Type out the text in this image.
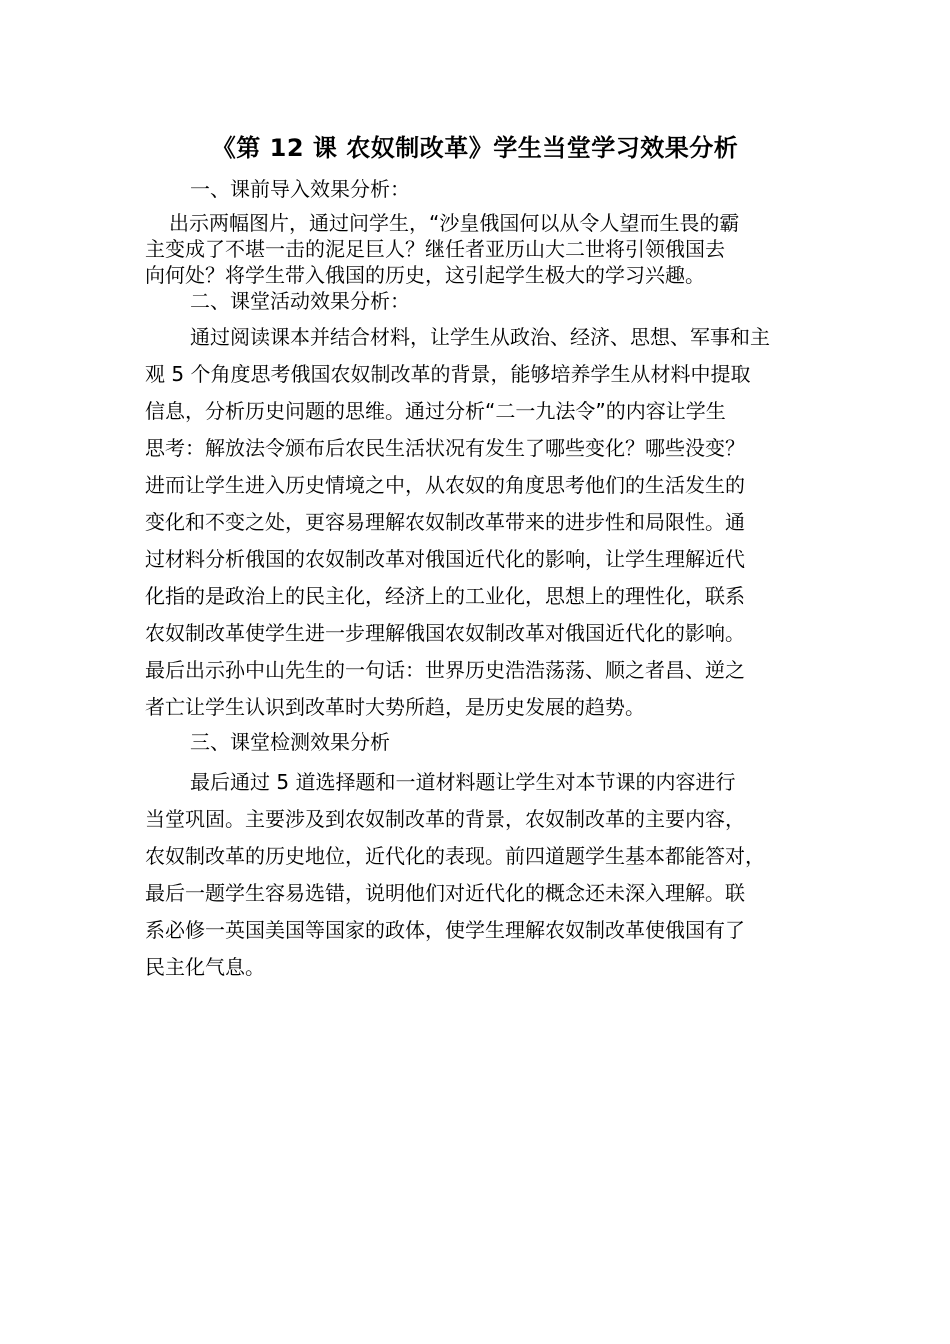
《第 12 课 农奴制改革》学生当堂学习效果分析
一、课前导入效果分析：
出示两幅图片，通过问学生，“沙皇俄国何以从令人望而生畏的霸
主变成了不堪一击的泥足巨人？继任者亚历山大二世将引领俄国去
向何处？将学生带入俄国的历史，这引起学生极大的学习兴趣。
二、课堂活动效果分析：
通过阅读课本并结合材料，让学生从政治、经济、思想、军事和主
观 5 个角度思考俄国农奴制改革的背景，能够培养学生从材料中提取
信息，分析历史问题的思维。通过分析“二一九法令”的内容让学生
思考：解放法令颁布后农民生活状况有发生了哪些变化？哪些没变？
进而让学生进入历史情境之中，从农奴的角度思考他们的生活发生的
变化和不变之处，更容易理解农奴制改革带来的进步性和局限性。通
过材料分析俄国的农奴制改革对俄国近代化的影响，让学生理解近代
化指的是政治上的民主化，经济上的工业化，思想上的理性化，联系
农奴制改革使学生进一步理解俄国农奴制改革对俄国近代化的影响。
最后出示孙中山先生的一句话：世界历史浩浩荡荡、顺之者昌、逆之
者亡让学生认识到改革时大势所趋，是历史发展的趋势。
三、课堂检测效果分析
最后通过 5 道选择题和一道材料题让学生对本节课的内容进行
当堂巩固。主要涉及到农奴制改革的背景，农奴制改革的主要内容，
农奴制改革的历史地位，近代化的表现。前四道题学生基本都能答对，
最后一题学生容易选错，说明他们对近代化的概念还未深入理解。联
系必修一英国美国等国家的政体，使学生理解农奴制改革使俄国有了
民主化气息。
